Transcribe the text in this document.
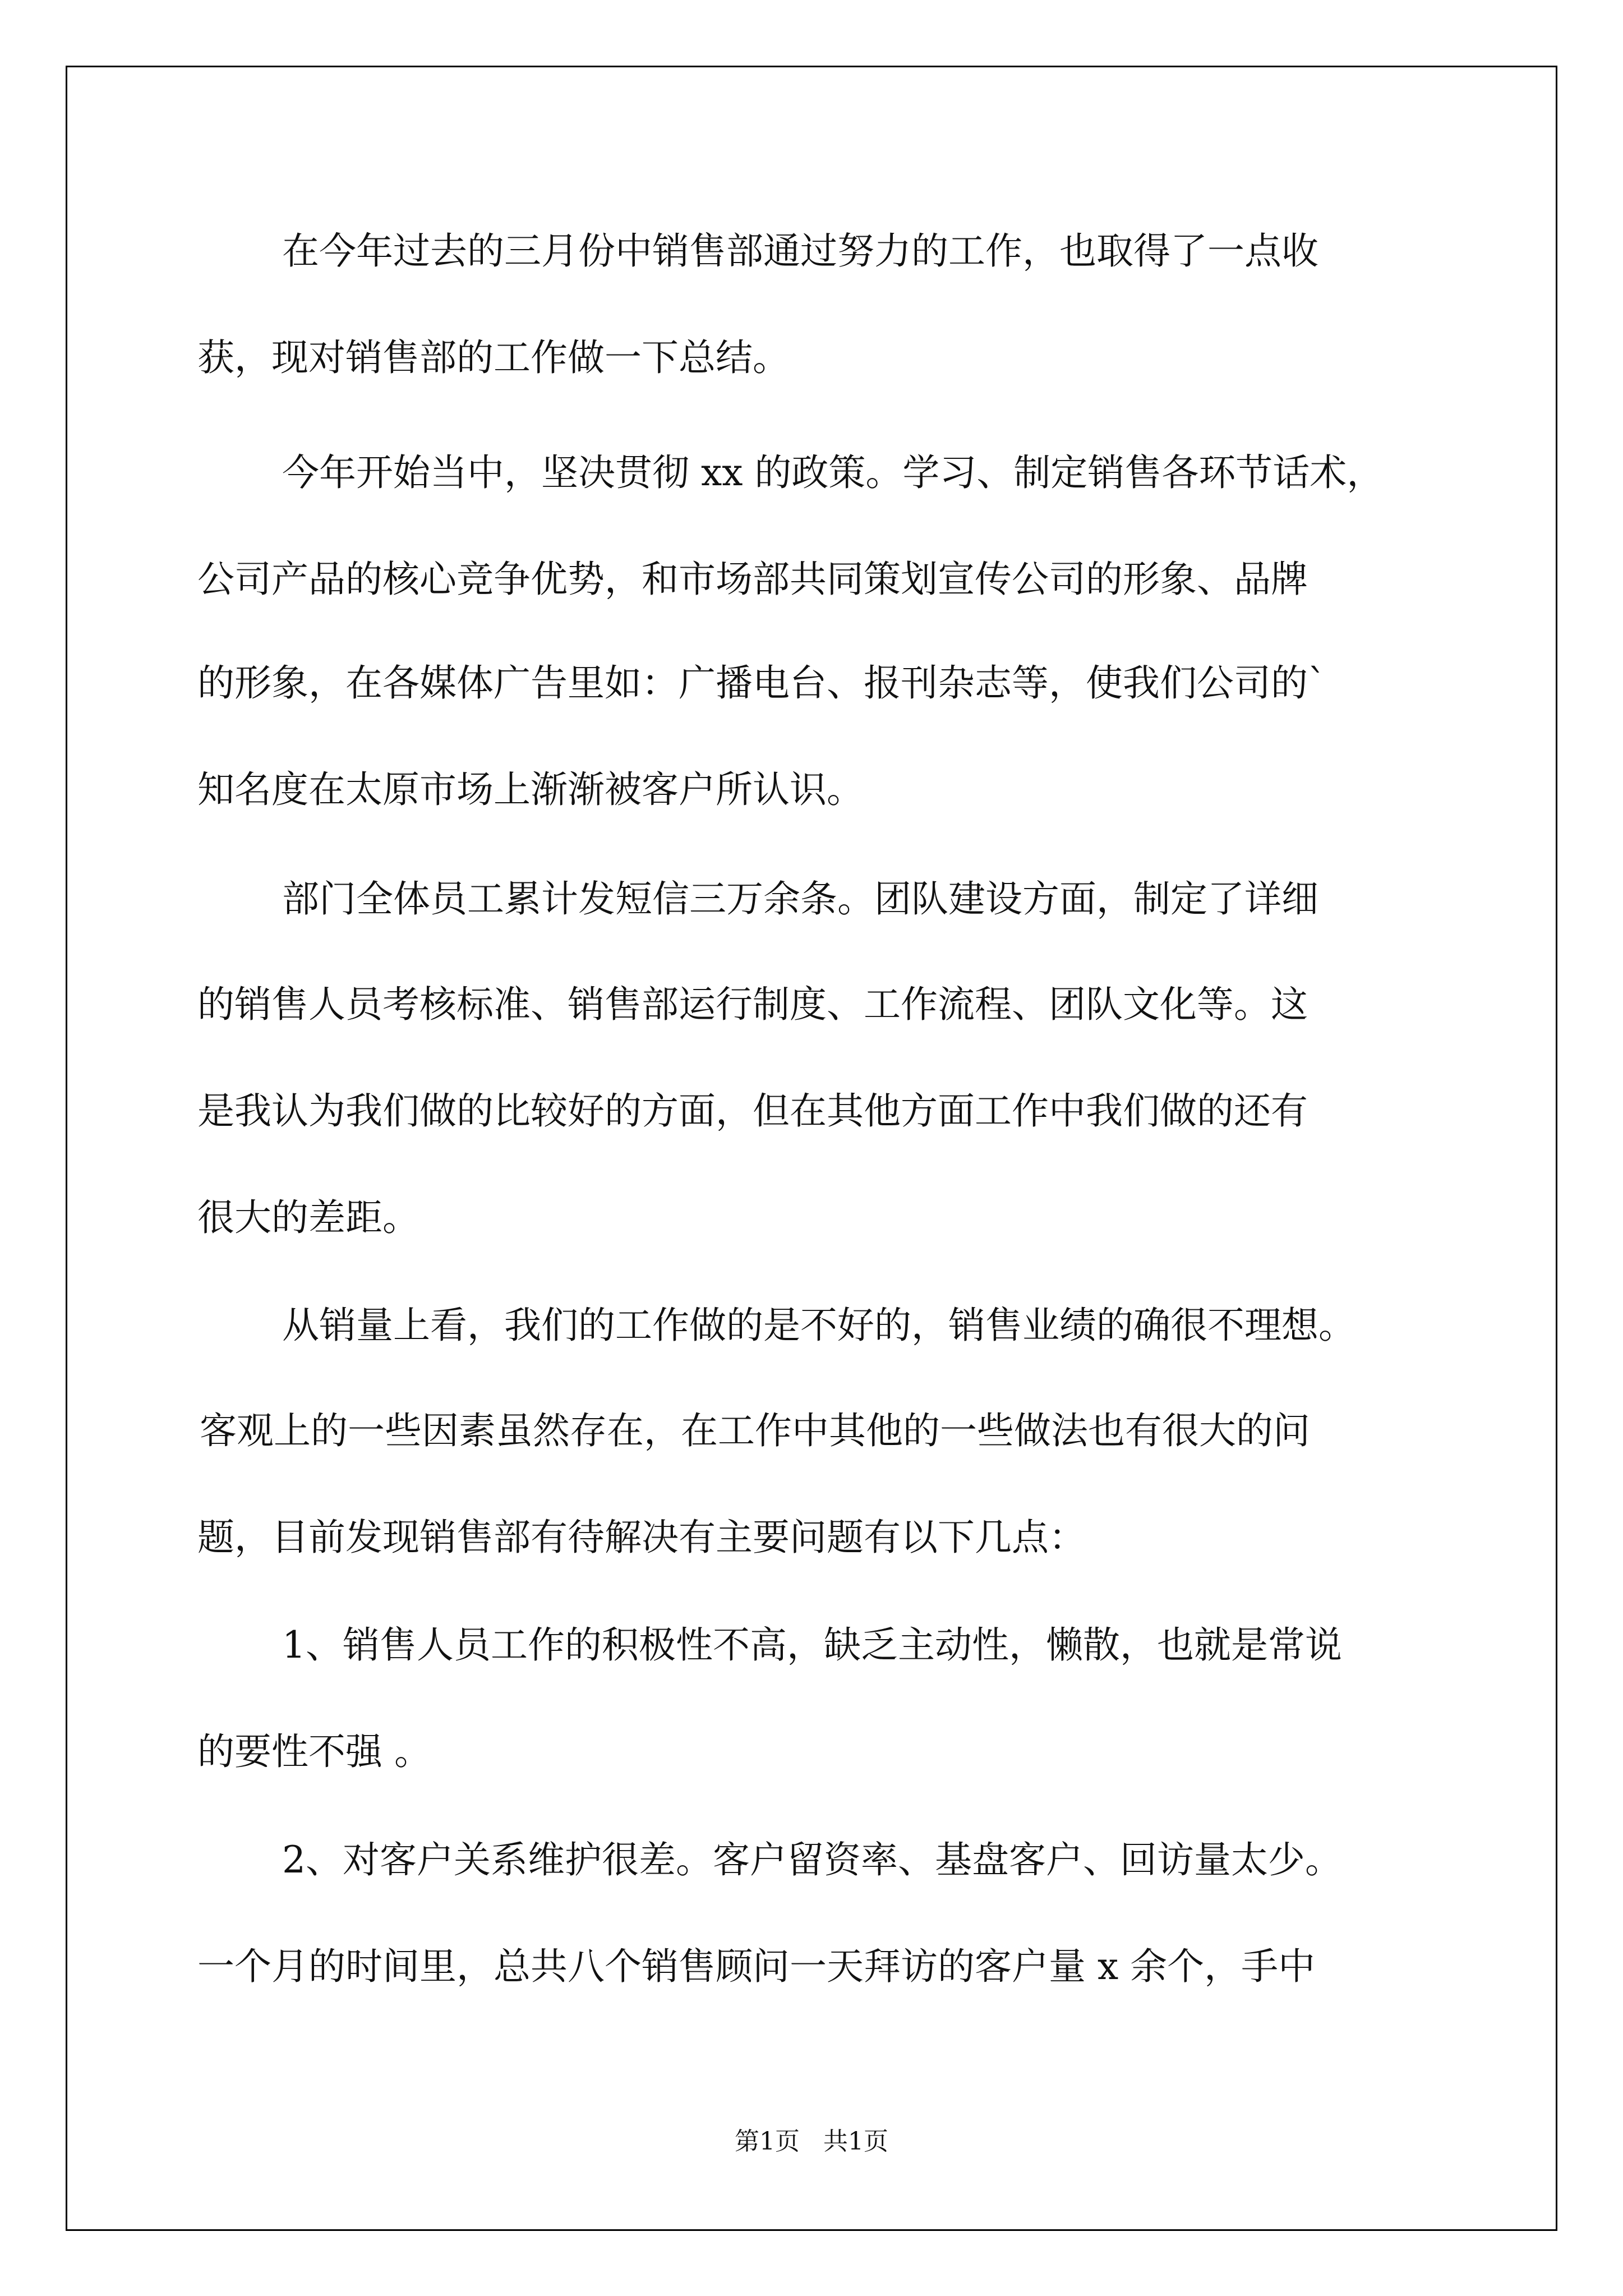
在今年过去的三月份中销售部通过努力的工作，也取得了一点收
获，现对销售部的工作做一下总结。
今年开始当中，坚决贯彻 xx 的政策。学习、制定销售各环节话术，
公司产品的核心竞争优势，和市场部共同策划宣传公司的形象、品牌
的形象，在各媒体广告里如：广播电台、报刊杂志等，使我们公司的`
知名度在太原市场上渐渐被客户所认识。
部门全体员工累计发短信三万余条。团队建设方面，制定了详细
的销售人员考核标准、销售部运行制度、工作流程、团队文化等。这
是我认为我们做的比较好的方面，但在其他方面工作中我们做的还有
很大的差距。
从销量上看，我们的工作做的是不好的，销售业绩的确很不理想。
客观上的一些因素虽然存在，在工作中其他的一些做法也有很大的问
题，目前发现销售部有待解决有主要问题有以下几点：
1、销售人员工作的积极性不高，缺乏主动性，懒散，也就是常说
的要性不强 。
2、对客户关系维护很差。客户留资率、基盘客户、回访量太少。
一个月的时间里，总共八个销售顾问一天拜访的客户量 x 余个，手中
第1页   共1页
